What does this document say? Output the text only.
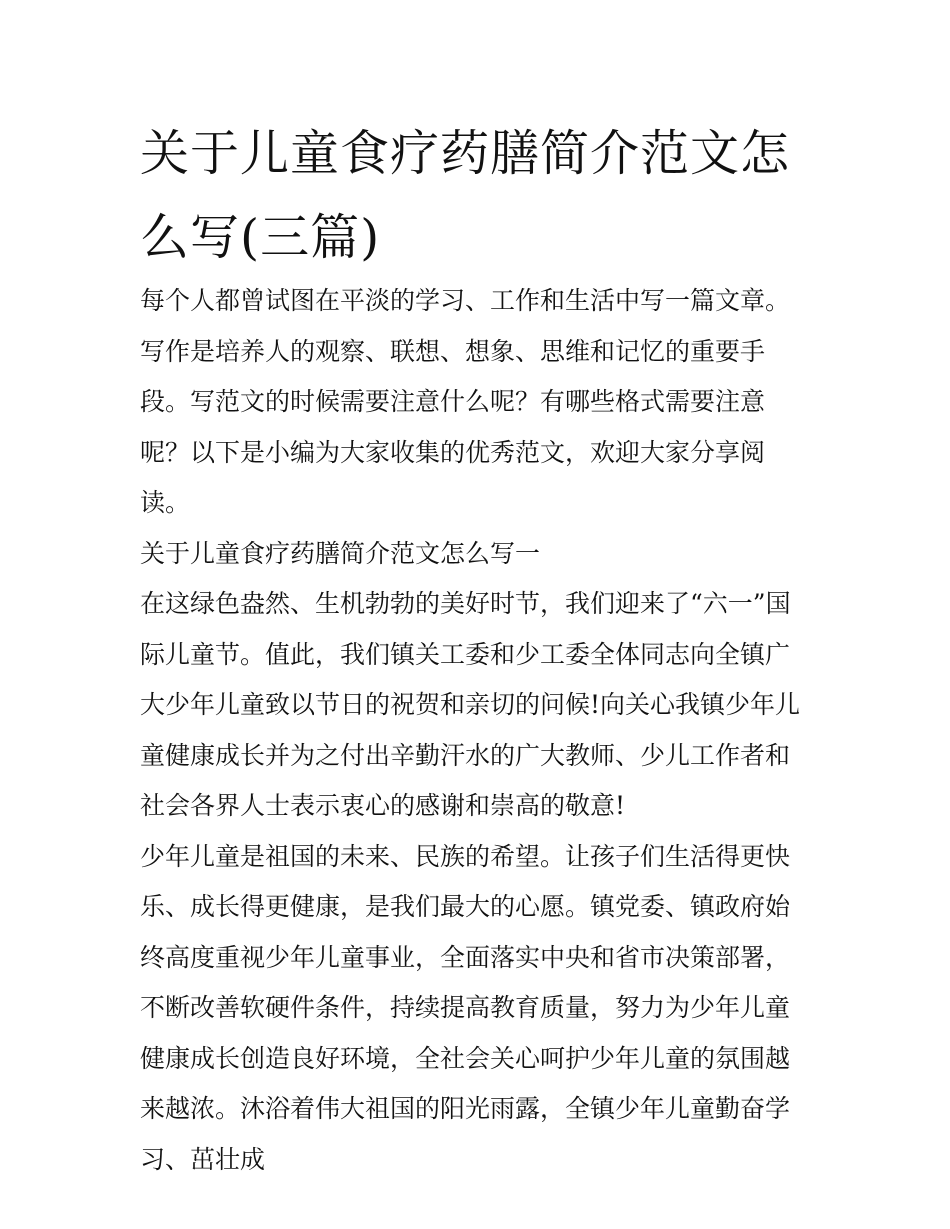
关于儿童食疗药膳简介范文怎么写(三篇)

每个人都曾试图在平淡的学习、工作和生活中写一篇文章。写作是培养人的观察、联想、想象、思维和记忆的重要手段。写范文的时候需要注意什么呢？有哪些格式需要注意呢？以下是小编为大家收集的优秀范文，欢迎大家分享阅读。

关于儿童食疗药膳简介范文怎么写一

在这绿色盎然、生机勃勃的美好时节，我们迎来了“六一”国际儿童节。值此，我们镇关工委和少工委全体同志向全镇广大少年儿童致以节日的祝贺和亲切的问候!向关心我镇少年儿童健康成长并为之付出辛勤汗水的广大教师、少儿工作者和社会各界人士表示衷心的感谢和崇高的敬意!

少年儿童是祖国的未来、民族的希望。让孩子们生活得更快乐、成长得更健康，是我们最大的心愿。镇党委、镇政府始终高度重视少年儿童事业，全面落实中央和省市决策部署，不断改善软硬件条件，持续提高教育质量，努力为少年儿童健康成长创造良好环境，全社会关心呵护少年儿童的氛围越来越浓。沐浴着伟大祖国的阳光雨露，全镇少年儿童勤奋学习、茁壮成
